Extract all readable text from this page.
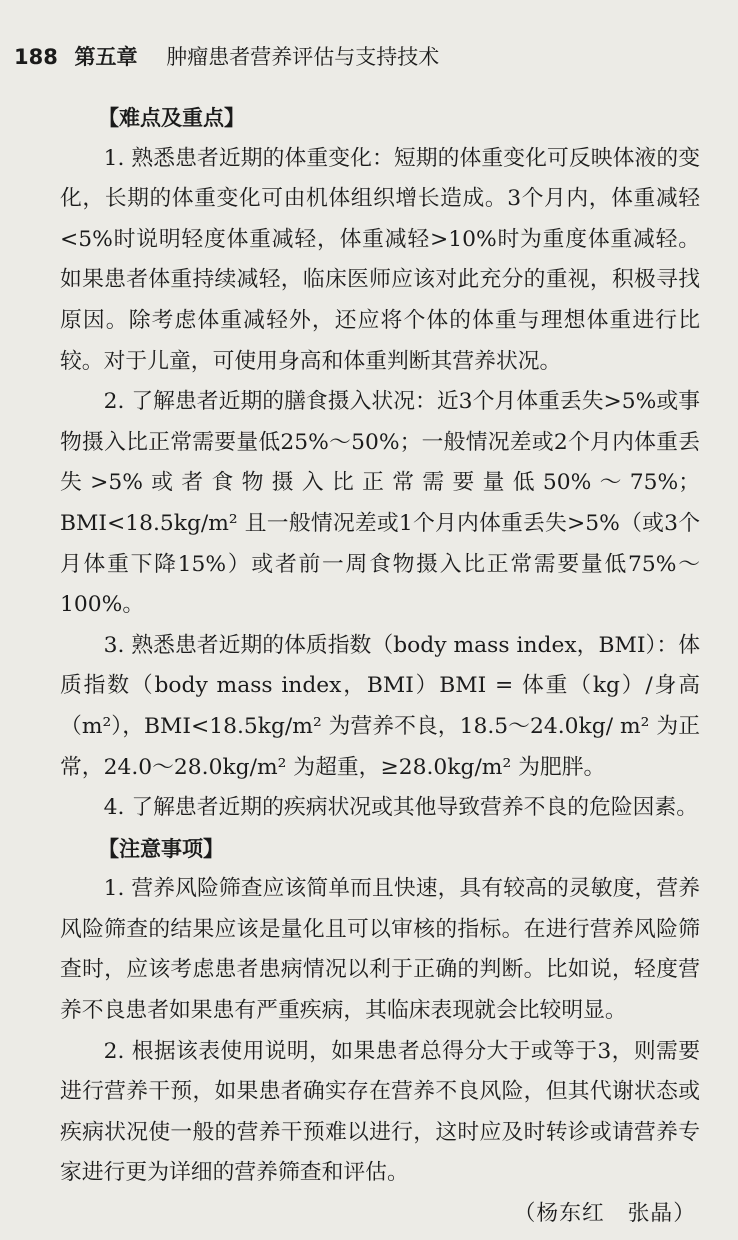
188 第五章 肿瘤患者营养评估与支持技术

【难点及重点】

1. 熟悉患者近期的体重变化：短期的体重变化可反映体液的变化，长期的体重变化可由机体组织增长造成。3个月内，体重减轻<5%时说明轻度体重减轻，体重减轻>10%时为重度体重减轻。如果患者体重持续减轻，临床医师应该对此充分的重视，积极寻找原因。除考虑体重减轻外，还应将个体的体重与理想体重进行比较。对于儿童，可使用身高和体重判断其营养状况。

2. 了解患者近期的膳食摄入状况：近3个月体重丢失>5%或事物摄入比正常需要量低25%～50%；一般情况差或2个月内体重丢失>5%或者食物摄入比正常需要量低50%～75%；BMI<18.5kg/m² 且一般情况差或1个月内体重丢失>5%（或3个月体重下降15%）或者前一周食物摄入比正常需要量低75%～100%。

3. 熟悉患者近期的体质指数（body mass index，BMI）：体质指数（body mass index，BMI）BMI = 体重（kg）/身高（m²），BMI<18.5kg/m² 为营养不良，18.5～24.0kg/ m² 为正常，24.0～28.0kg/m² 为超重，≥28.0kg/m² 为肥胖。

4. 了解患者近期的疾病状况或其他导致营养不良的危险因素。

【注意事项】

1. 营养风险筛查应该简单而且快速，具有较高的灵敏度，营养风险筛查的结果应该是量化且可以审核的指标。在进行营养风险筛查时，应该考虑患者患病情况以利于正确的判断。比如说，轻度营养不良患者如果患有严重疾病，其临床表现就会比较明显。

2. 根据该表使用说明，如果患者总得分大于或等于3，则需要进行营养干预，如果患者确实存在营养不良风险，但其代谢状态或疾病状况使一般的营养干预难以进行，这时应及时转诊或请营养专家进行更为详细的营养筛查和评估。

（杨东红　张晶）
